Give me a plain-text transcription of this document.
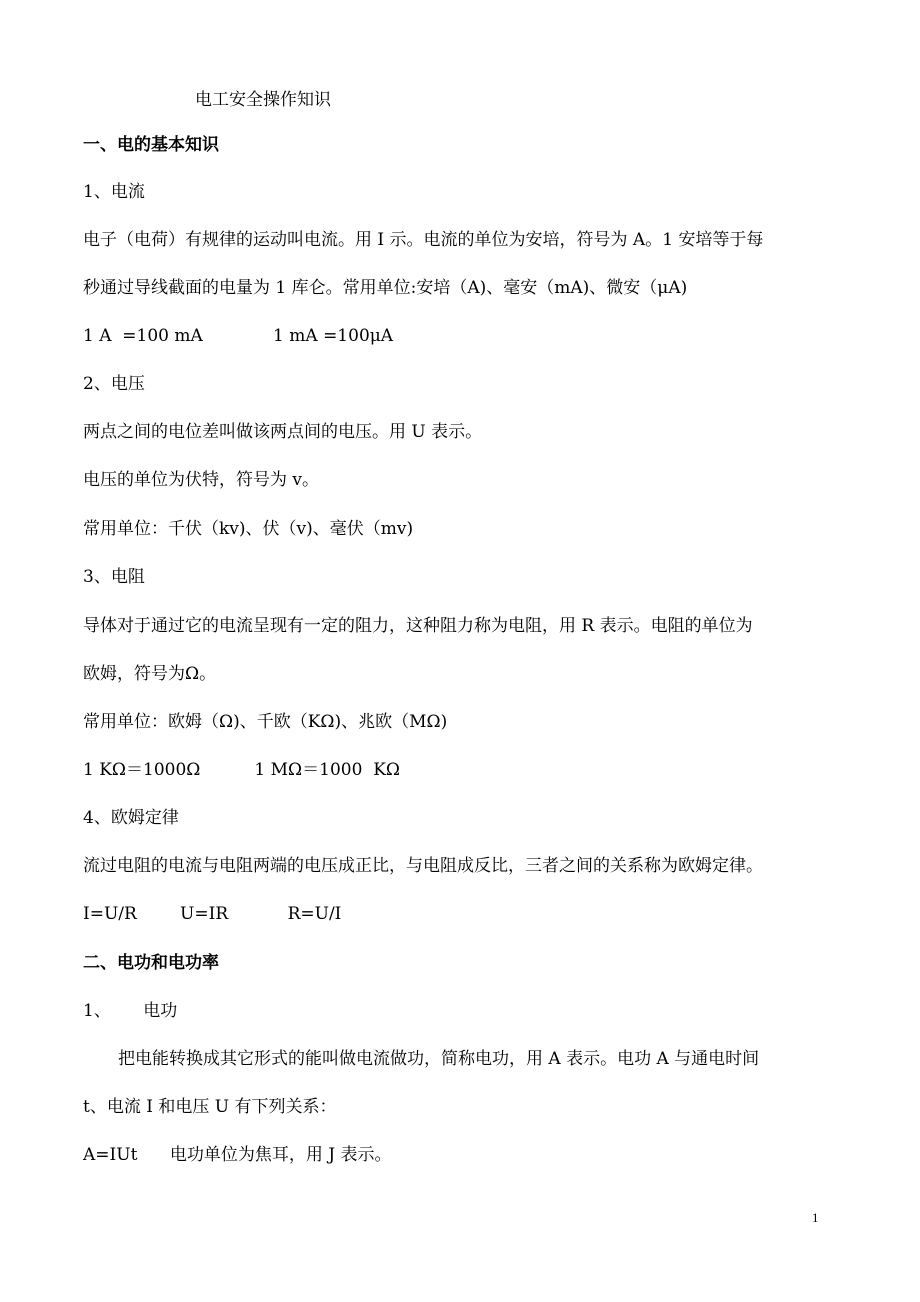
电工安全操作知识
一、电的基本知识
1、电流
电子（电荷）有规律的运动叫电流。用 I 示。电流的单位为安培，符号为 A。1 安培等于每
秒通过导线截面的电量为 1 库仑。常用单位:安培（A)、毫安（mA)、微安（μA)
1 A  =100 mA             1 mA =100μA
2、电压
两点之间的电位差叫做该两点间的电压。用 U 表示。
电压的单位为伏特，符号为 v。
常用单位：千伏（kv)、伏（v)、毫伏（mv)
3、电阻
导体对于通过它的电流呈现有一定的阻力，这种阻力称为电阻，用 R 表示。电阻的单位为
欧姆，符号为Ω。
常用单位：欧姆（Ω)、千欧（KΩ)、兆欧（MΩ)
1 KΩ＝1000Ω          1 MΩ＝1000  KΩ
4、欧姆定律
流过电阻的电流与电阻两端的电压成正比，与电阻成反比，三者之间的关系称为欧姆定律。
I=U/R        U=IR           R=U/I
二、电功和电功率
1、      电功
把电能转换成其它形式的能叫做电流做功，简称电功，用 A 表示。电功 A 与通电时间
t、电流 I 和电压 U 有下列关系：
A=IUt      电功单位为焦耳，用 J 表示。
1
